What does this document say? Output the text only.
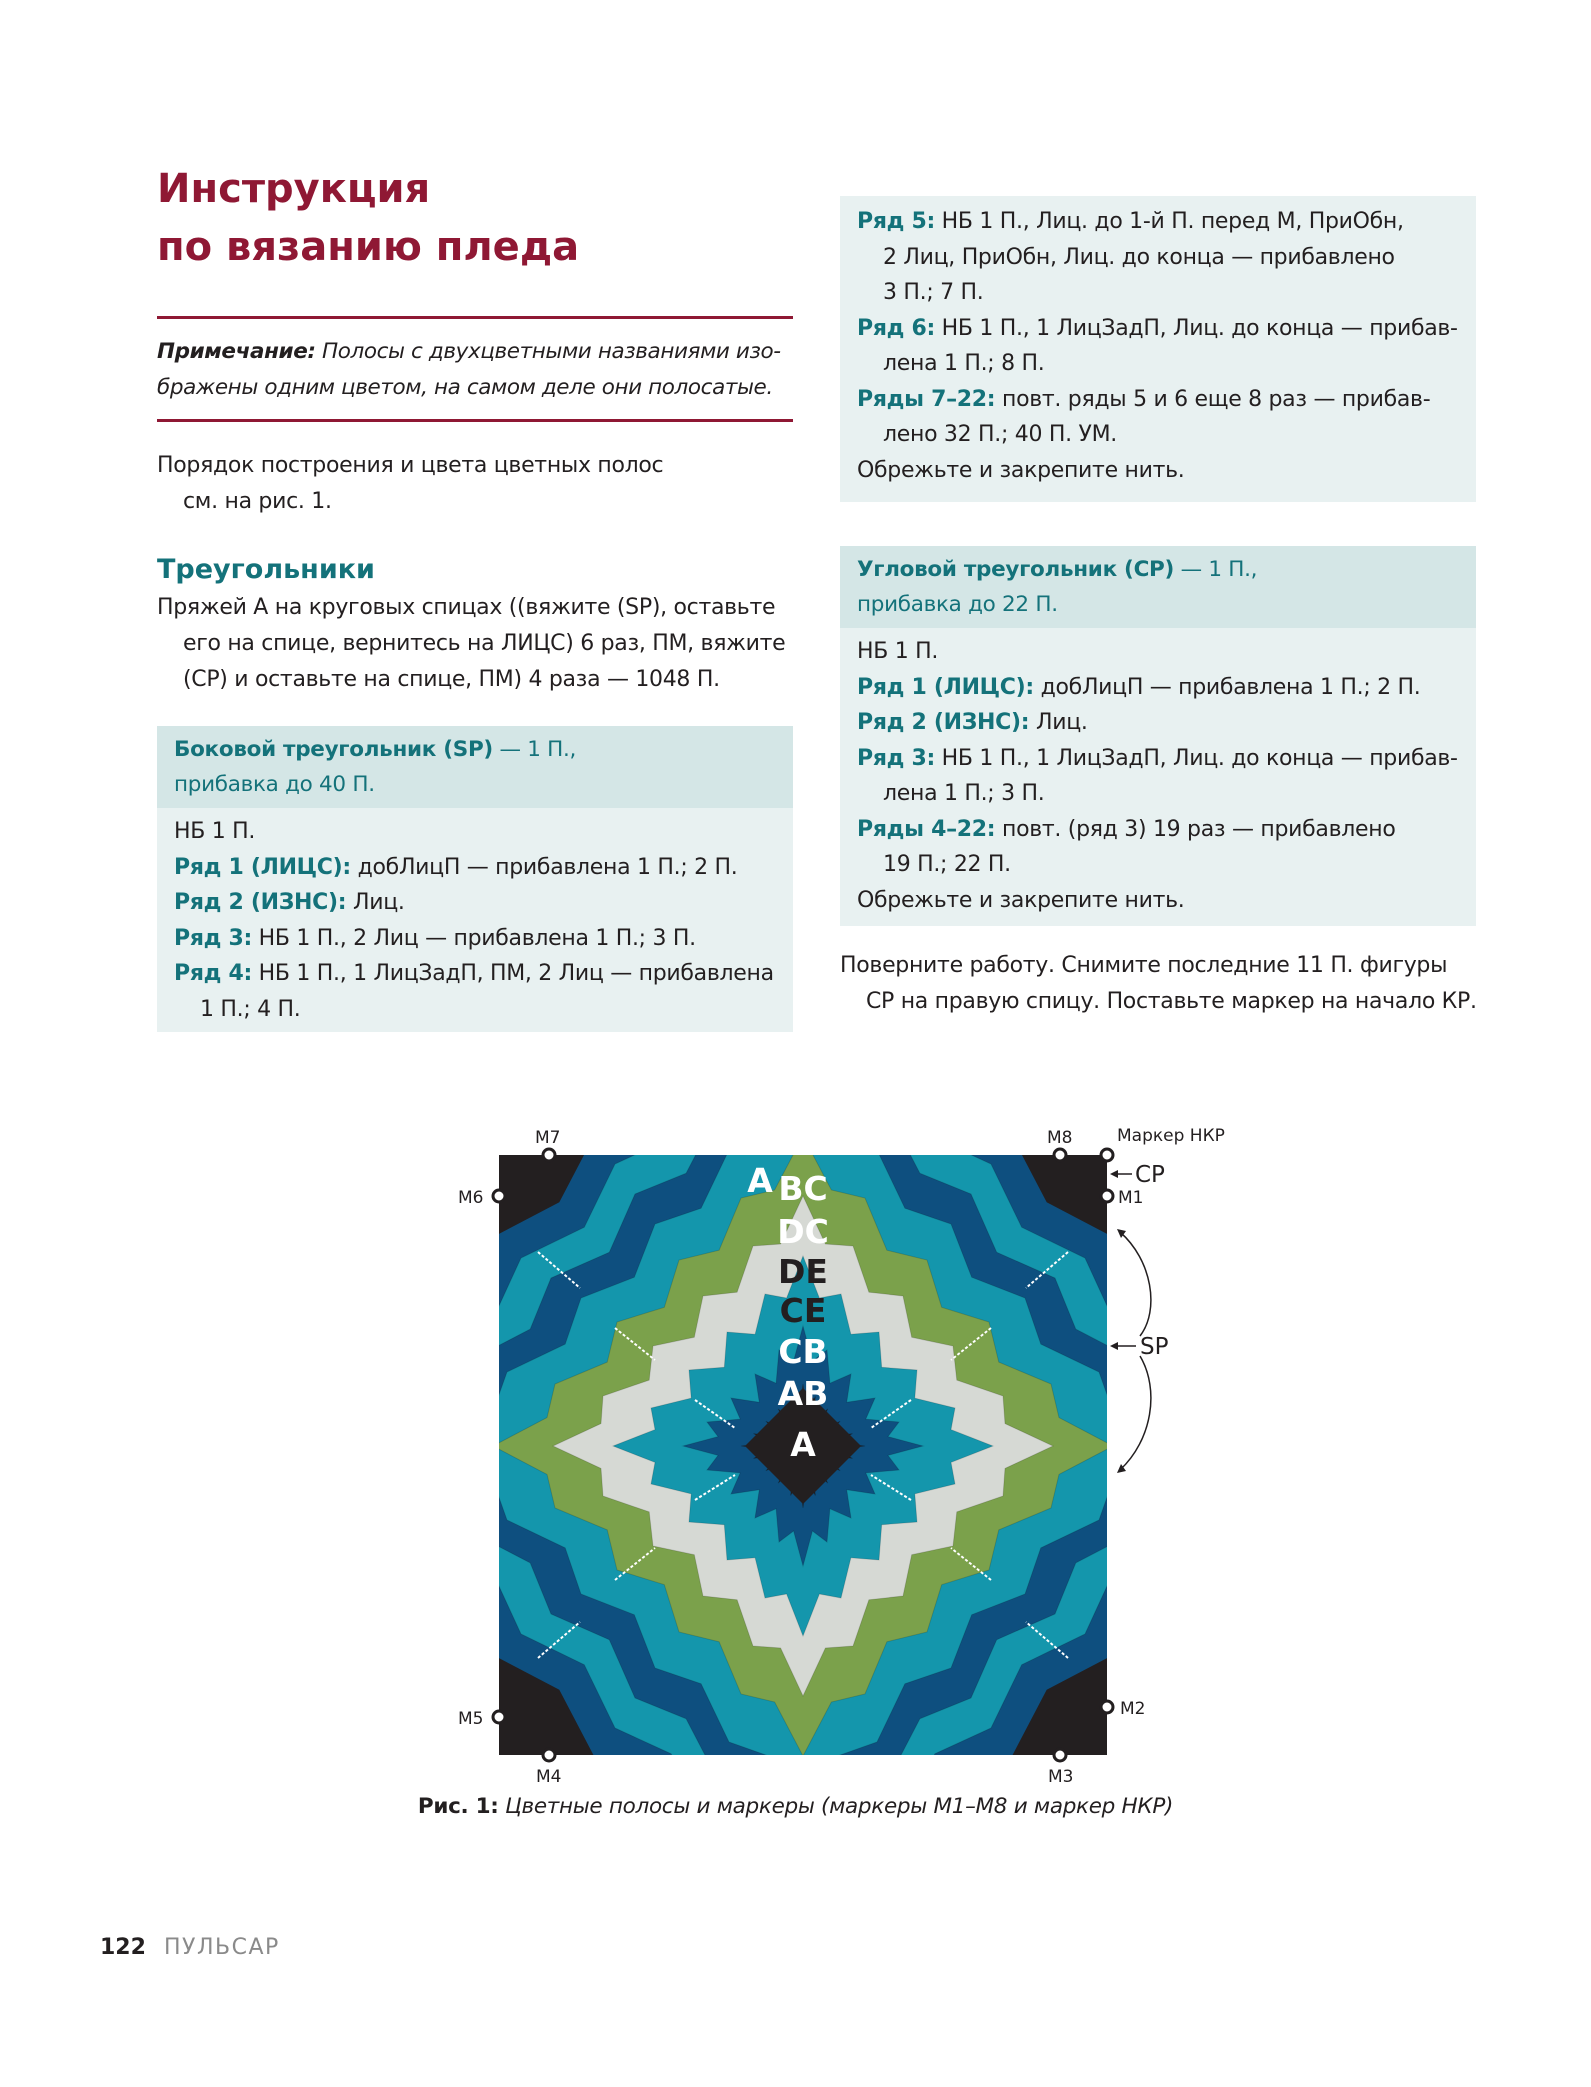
Инструкция
по вязанию пледа
Примечание: Полосы с двухцветными названиями изо-
бражены одним цветом, на самом деле они полосатые.

Порядок построения и цвета цветных полос

см. на рис. 1.

Треугольники

Пряжей А на круговых спицах ((вяжите (SP), оставьте

его на спице, вернитесь на ЛИЦС) 6 раз, ПМ, вяжите

(CP) и оставьте на спице, ПМ) 4 раза — 1048 П.

Боковой треугольник (SP) — 1 П.,
прибавка до 40 П.

НБ 1 П.

Ряд 1 (ЛИЦС): добЛицП — прибавлена 1 П.; 2 П.

Ряд 2 (ИЗНС): Лиц.

Ряд 3: НБ 1 П., 2 Лиц — прибавлена 1 П.; 3 П.

Ряд 4: НБ 1 П., 1 ЛицЗадП, ПМ, 2 Лиц — прибавлена

1 П.; 4 П.

Ряд 5: НБ 1 П., Лиц. до 1-й П. перед М, ПриОбн,

2 Лиц, ПриОбн, Лиц. до конца — прибавлено

3 П.; 7 П.

Ряд 6: НБ 1 П., 1 ЛицЗадП, Лиц. до конца — прибав-

лена 1 П.; 8 П.

Ряды 7–22: повт. ряды 5 и 6 еще 8 раз — прибав-

лено 32 П.; 40 П. УМ.

Обрежьте и закрепите нить.

Угловой треугольник (CP) — 1 П.,
прибавка до 22 П.

НБ 1 П.

Ряд 1 (ЛИЦС): добЛицП — прибавлена 1 П.; 2 П.

Ряд 2 (ИЗНС): Лиц.

Ряд 3: НБ 1 П., 1 ЛицЗадП, Лиц. до конца — прибав-

лена 1 П.; 3 П.

Ряды 4–22: повт. (ряд 3) 19 раз — прибавлено

19 П.; 22 П.

Обрежьте и закрепите нить.

Поверните работу. Снимите последние 11 П. фигуры

CP на правую спицу. Поставьте маркер на начало КР.

A BC
DC
DE
CE
CB
AB
A
M7	M8	Маркер НКР
M1
M6
M5	M2
M4	M3
CP
SP
Рис. 1: Цветные полосы и маркеры (маркеры М1–М8 и маркер НКР)
122 ПУЛЬСАР
